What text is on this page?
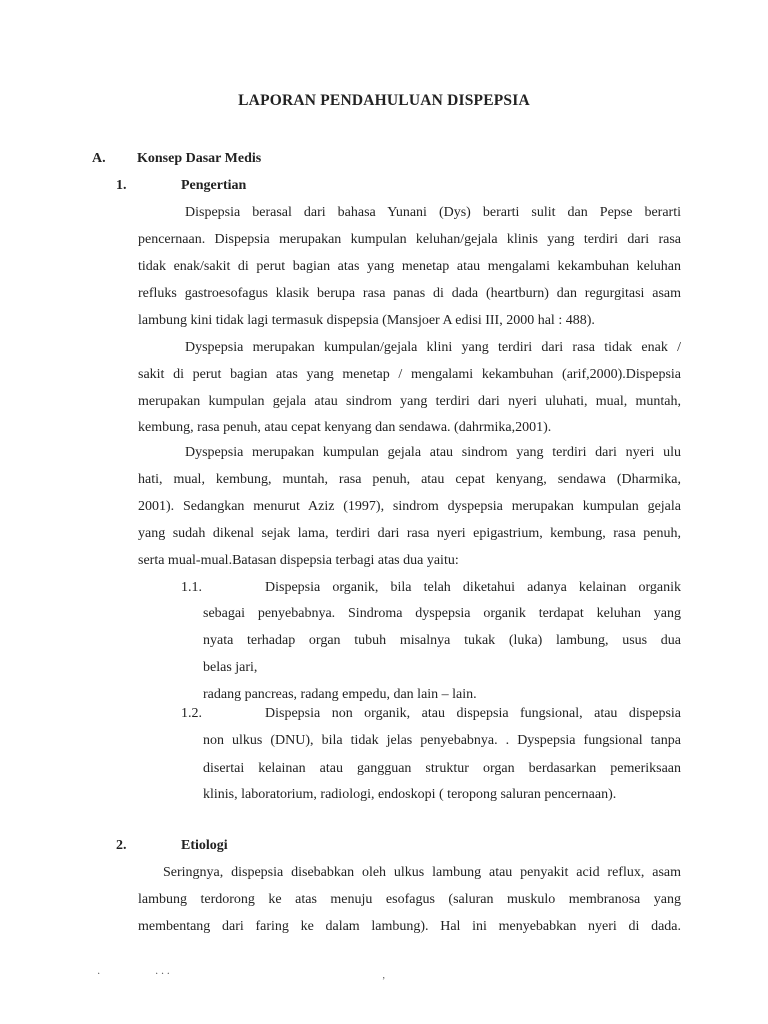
LAPORAN PENDAHULUAN DISPEPSIA
A. Konsep Dasar Medis
1.	Pengertian
Dispepsia berasal dari bahasa Yunani (Dys) berarti sulit dan Pepse berarti
pencernaan. Dispepsia merupakan kumpulan keluhan/gejala klinis yang terdiri dari rasa
tidak enak/sakit di perut bagian atas yang menetap atau mengalami kekambuhan keluhan
refluks gastroesofagus klasik berupa rasa panas di dada (heartburn) dan regurgitasi asam
lambung kini tidak lagi termasuk dispepsia (Mansjoer A edisi III, 2000 hal : 488).
Dyspepsia merupakan kumpulan/gejala klini yang terdiri dari rasa tidak enak /
sakit di perut bagian atas yang menetap / mengalami kekambuhan (arif,2000).Dispepsia
merupakan kumpulan gejala atau sindrom yang terdiri dari nyeri uluhati, mual, muntah,
kembung, rasa penuh, atau cepat kenyang dan sendawa. (dahrmika,2001).
Dyspepsia merupakan kumpulan gejala atau sindrom yang terdiri dari nyeri ulu
hati, mual, kembung, muntah, rasa penuh, atau cepat kenyang, sendawa (Dharmika,
2001). Sedangkan menurut Aziz (1997), sindrom dyspepsia merupakan kumpulan gejala
yang sudah dikenal sejak lama, terdiri dari rasa nyeri epigastrium, kembung, rasa penuh,
serta mual-mual.Batasan dispepsia terbagi atas dua yaitu:
1.1.	Dispepsia organik, bila telah diketahui adanya kelainan organik
sebagai penyebabnya. Sindroma dyspepsia organik terdapat keluhan yang
nyata terhadap organ tubuh misalnya tukak (luka) lambung, usus dua
belas jari,
radang pancreas, radang empedu, dan lain – lain.
1.2.	Dispepsia non organik, atau dispepsia fungsional, atau dispepsia
non ulkus (DNU), bila tidak jelas penyebabnya. . Dyspepsia fungsional tanpa
disertai kelainan atau gangguan struktur organ berdasarkan pemeriksaan
klinis, laboratorium, radiologi, endoskopi ( teropong saluran pencernaan).
2.	Etiologi
Seringnya, dispepsia disebabkan oleh ulkus lambung atau penyakit acid reflux, asam
lambung terdorong ke atas menuju esofagus (saluran muskulo membranosa yang
membentang dari faring ke dalam lambung). Hal ini menyebabkan nyeri di dada.
․	․ ․ ․	‚
